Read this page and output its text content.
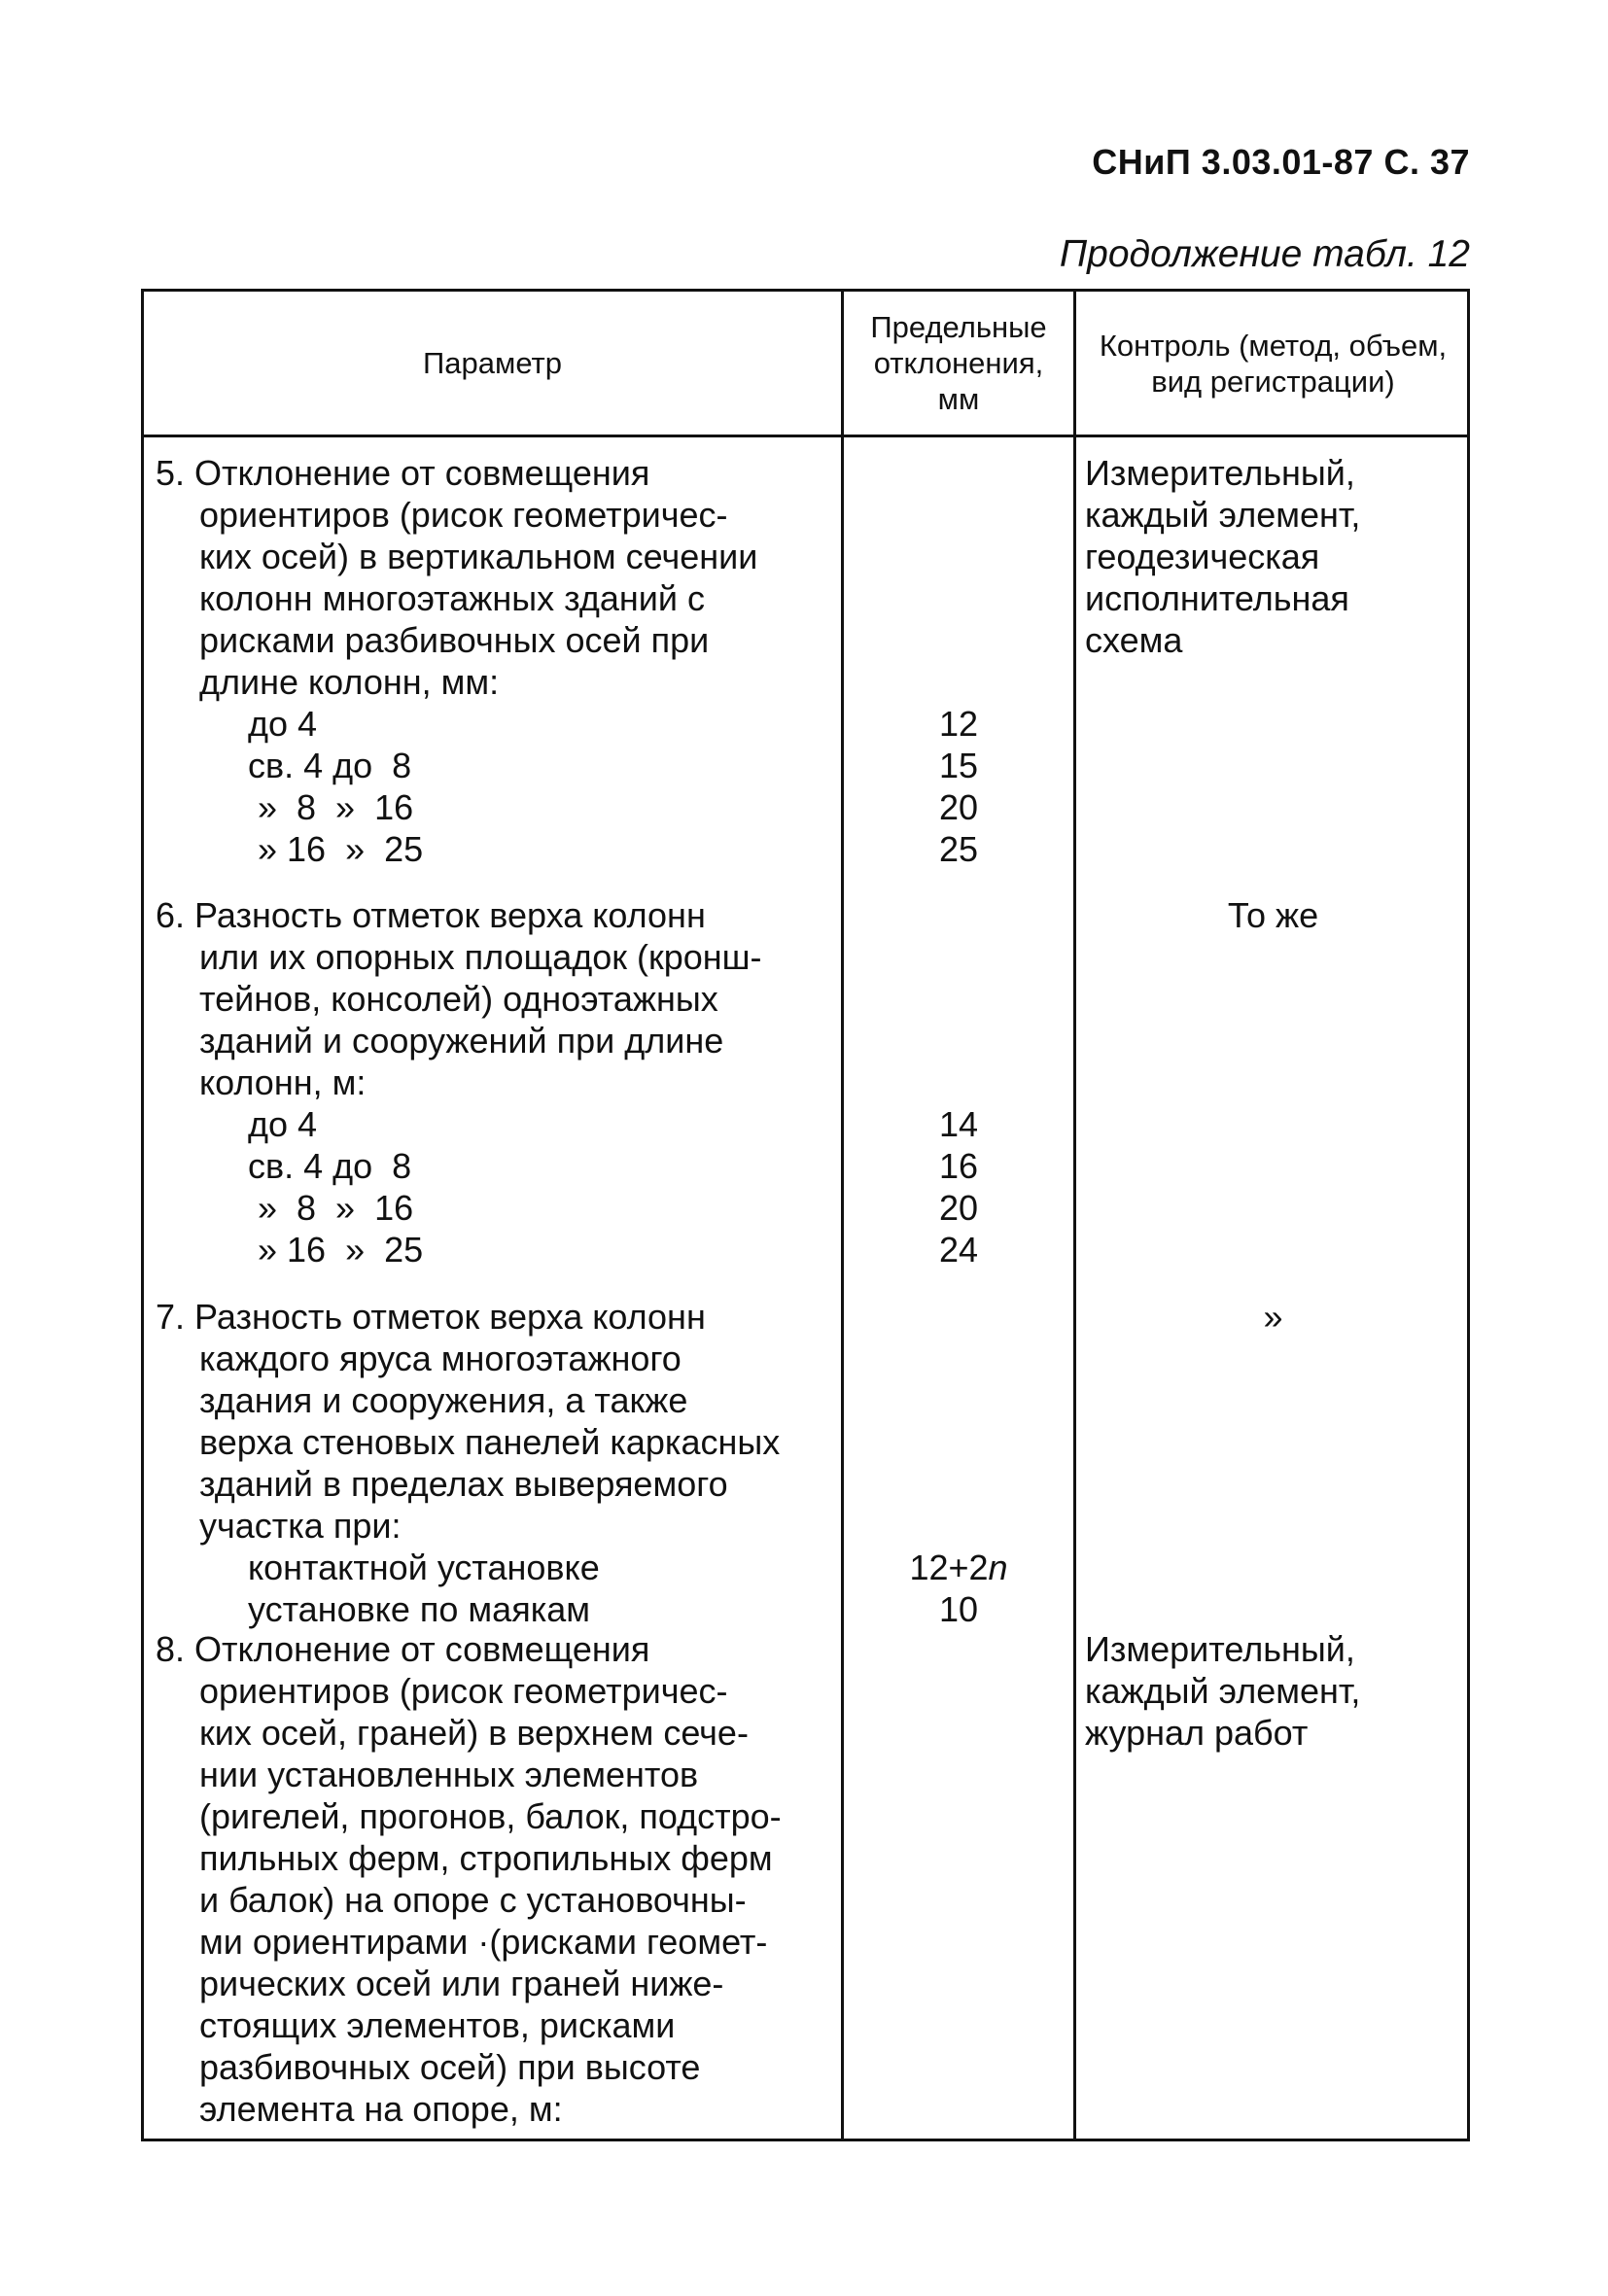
СНиП 3.03.01-87 С. 37
Продолжение табл. 12
Параметр
Предельные
отклонения,
мм
Контроль (метод, объем,
вид регистрации)
5. Отклонение от совмещения
ориентиров (рисок геометричес-
ких осей) в вертикальном сечении
колонн многоэтажных зданий с
рисками разбивочных осей при
длине колонн, мм:
до 4
св. 4 до  8
»  8  »  16
» 16  »  25
12
15
20
25
Измерительный,
каждый элемент,
геодезическая
исполнительная
схема
6. Разность отметок верха колонн
или их опорных площадок (кронш-
тейнов, консолей) одноэтажных
зданий и сооружений при длине
колонн, м:
до 4
св. 4 до  8
»  8  »  16
» 16  »  25
14
16
20
24
То же
7. Разность отметок верха колонн
каждого яруса многоэтажного
здания и сооружения, а также
верха стеновых панелей каркасных
зданий в пределах выверяемого
участка при:
контактной установке
установке по маякам
12+2n
10
»
8. Отклонение от совмещения
ориентиров (рисок геометричес-
ких осей, граней) в верхнем сече-
нии установленных элементов
(ригелей, прогонов, балок, подстро-
пильных ферм, стропильных ферм
и балок) на опоре с установочны-
ми ориентирами ·(рисками геомет-
рических осей или граней ниже-
стоящих элементов, рисками
разбивочных осей) при высоте
элемента на опоре, м:
Измерительный,
каждый элемент,
журнал работ
